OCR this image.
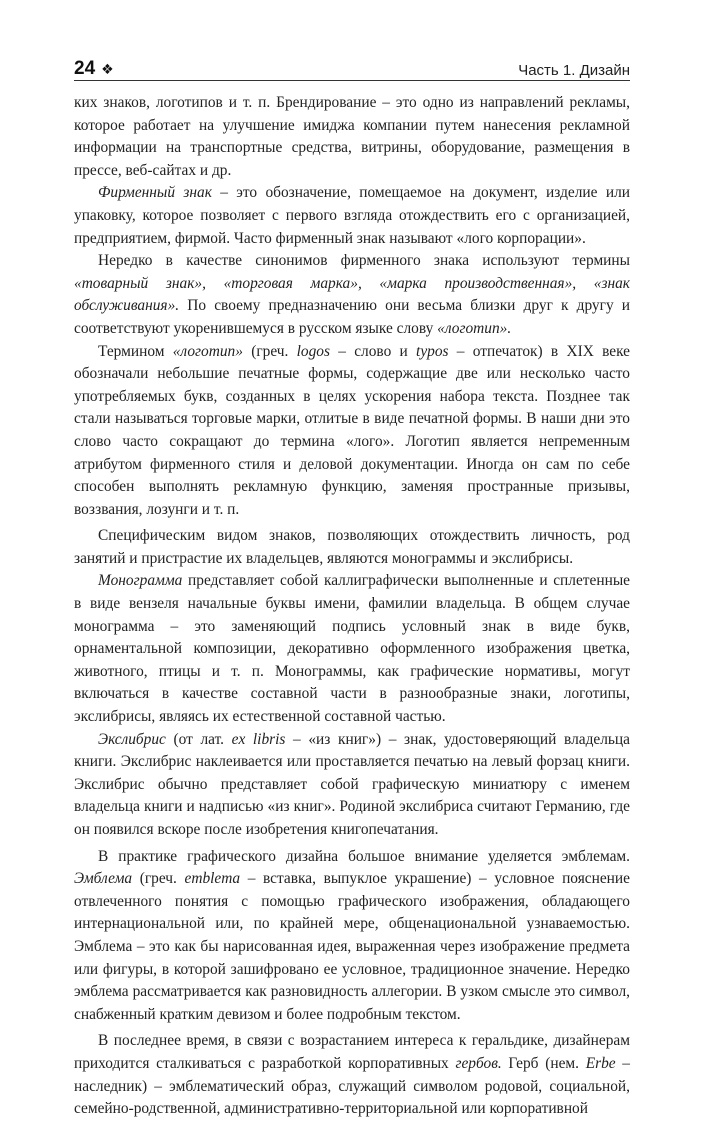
24 ❖	Часть 1. Дизайн

ких знаков, логотипов и т. п. Брендирование – это одно из направлений рекламы, которое работает на улучшение имиджа компании путем нанесения рекламной информации на транспортные средства, витрины, оборудование, размещения в прессе, веб-сайтах и др.

Фирменный знак – это обозначение, помещаемое на документ, изделие или упаковку, которое позволяет с первого взгляда отождествить его с организацией, предприятием, фирмой. Часто фирменный знак называют «лого корпорации».

Нередко в качестве синонимов фирменного знака используют термины «товарный знак», «торговая марка», «марка производственная», «знак обслуживания». По своему предназначению они весьма близки друг к другу и соответствуют укоренившемуся в русском языке слову «логотип».

Термином «логотип» (греч. logos – слово и typos – отпечаток) в XIX веке обозначали небольшие печатные формы, содержащие две или несколько часто употребляемых букв, созданных в целях ускорения набора текста. Позднее так стали называться торговые марки, отлитые в виде печатной формы. В наши дни это слово часто сокращают до термина «лого». Логотип является непременным атрибутом фирменного стиля и деловой документации. Иногда он сам по себе способен выполнять рекламную функцию, заменяя пространные призывы, воззвания, лозунги и т. п.

Специфическим видом знаков, позволяющих отождествить личность, род занятий и пристрастие их владельцев, являются монограммы и экслибрисы.

Монограмма представляет собой каллиграфически выполненные и сплетенные в виде вензеля начальные буквы имени, фамилии владельца. В общем случае монограмма – это заменяющий подпись условный знак в виде букв, орнаментальной композиции, декоративно оформленного изображения цветка, животного, птицы и т. п. Монограммы, как графические нормативы, могут включаться в качестве составной части в разнообразные знаки, логотипы, экслибрисы, являясь их естественной составной частью.

Экслибрис (от лат. ex libris – «из книг») – знак, удостоверяющий владельца книги. Экслибрис наклеивается или проставляется печатью на левый форзац книги. Экслибрис обычно представляет собой графическую миниатюру с именем владельца книги и надписью «из книг». Родиной экслибриса считают Германию, где он появился вскоре после изобретения книгопечатания.

В практике графического дизайна большое внимание уделяется эмблемам. Эмблема (греч. emblema – вставка, выпуклое украшение) – условное пояснение отвлеченного понятия с помощью графического изображения, обладающего интернациональной или, по крайней мере, общенациональной узнаваемостью. Эмблема – это как бы нарисованная идея, выраженная через изображение предмета или фигуры, в которой зашифровано ее условное, традиционное значение. Нередко эмблема рассматривается как разновидность аллегории. В узком смысле это символ, снабженный кратким девизом и более подробным текстом.

В последнее время, в связи с возрастанием интереса к геральдике, дизайнерам приходится сталкиваться с разработкой корпоративных гербов. Герб (нем. Erbe – наследник) – эмблематический образ, служащий символом родовой, социальной, семейно-родственной, административно-территориальной или корпоративной
